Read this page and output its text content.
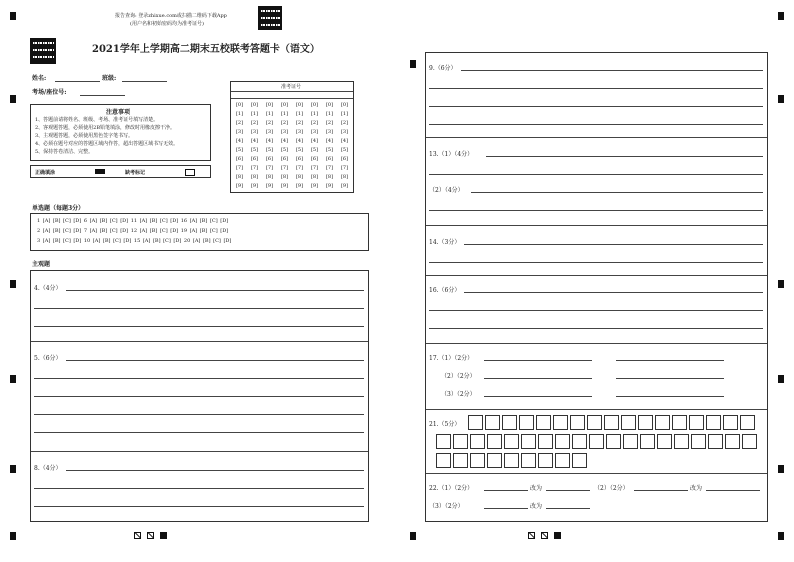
报告查询: 登录zhixue.com或扫描二维码下载App
(用户名和初始密码均为准考证号)
2021学年上学期高二期末五校联考答题卡（语文）
姓名:	班级:
考场/座位号:
准考证号
[0]	[0]	[0]	[0]	[0]	[0]	[0]	[0]
[1]	[1]	[1]	[1]	[1]	[1]	[1]	[1]
[2]	[2]	[2]	[2]	[2]	[2]	[2]	[2]
[3]	[3]	[3]	[3]	[3]	[3]	[3]	[3]
[4]	[4]	[4]	[4]	[4]	[4]	[4]	[4]
[5]	[5]	[5]	[5]	[5]	[5]	[5]	[5]
[6]	[6]	[6]	[6]	[6]	[6]	[6]	[6]
[7]	[7]	[7]	[7]	[7]	[7]	[7]	[7]
[8]	[8]	[8]	[8]	[8]	[8]	[8]	[8]
[9]	[9]	[9]	[9]	[9]	[9]	[9]	[9]
注意事项
1、答题前请将姓名、班级、考场、准考证号填写清楚。
2、客观题答题，必须使用2B铅笔填涂，修改时用橡皮擦干净。
3、主观题答题，必须使用黑色签字笔书写。
4、必须在题号对应的答题区域内作答，超出答题区域书写无效。
5、保持答卷清洁、完整。
正确填涂	缺考标记
单选题（每题3分）
1 [A] [B] [C] [D] 6 [A] [B] [C] [D] 11 [A] [B] [C] [D] 16 [A] [B] [C] [D]
2 [A] [B] [C] [D] 7 [A] [B] [C] [D] 12 [A] [B] [C] [D] 19 [A] [B] [C] [D]
3 [A] [B] [C] [D] 10 [A] [B] [C] [D] 15 [A] [B] [C] [D] 20 [A] [B] [C] [D]
主观题
4.（4分）
5.（6分）
8.（4分）
9.（6分）
13.（1）（4分）
（2）（4分）
14.（3分）
16.（6分）
17.（1）（2分）
（2）（2分）
（3）（2分）
21.（5分）
22.（1）（2分）	改为	（2）（2分）	改为
（3）（2分）	改为
